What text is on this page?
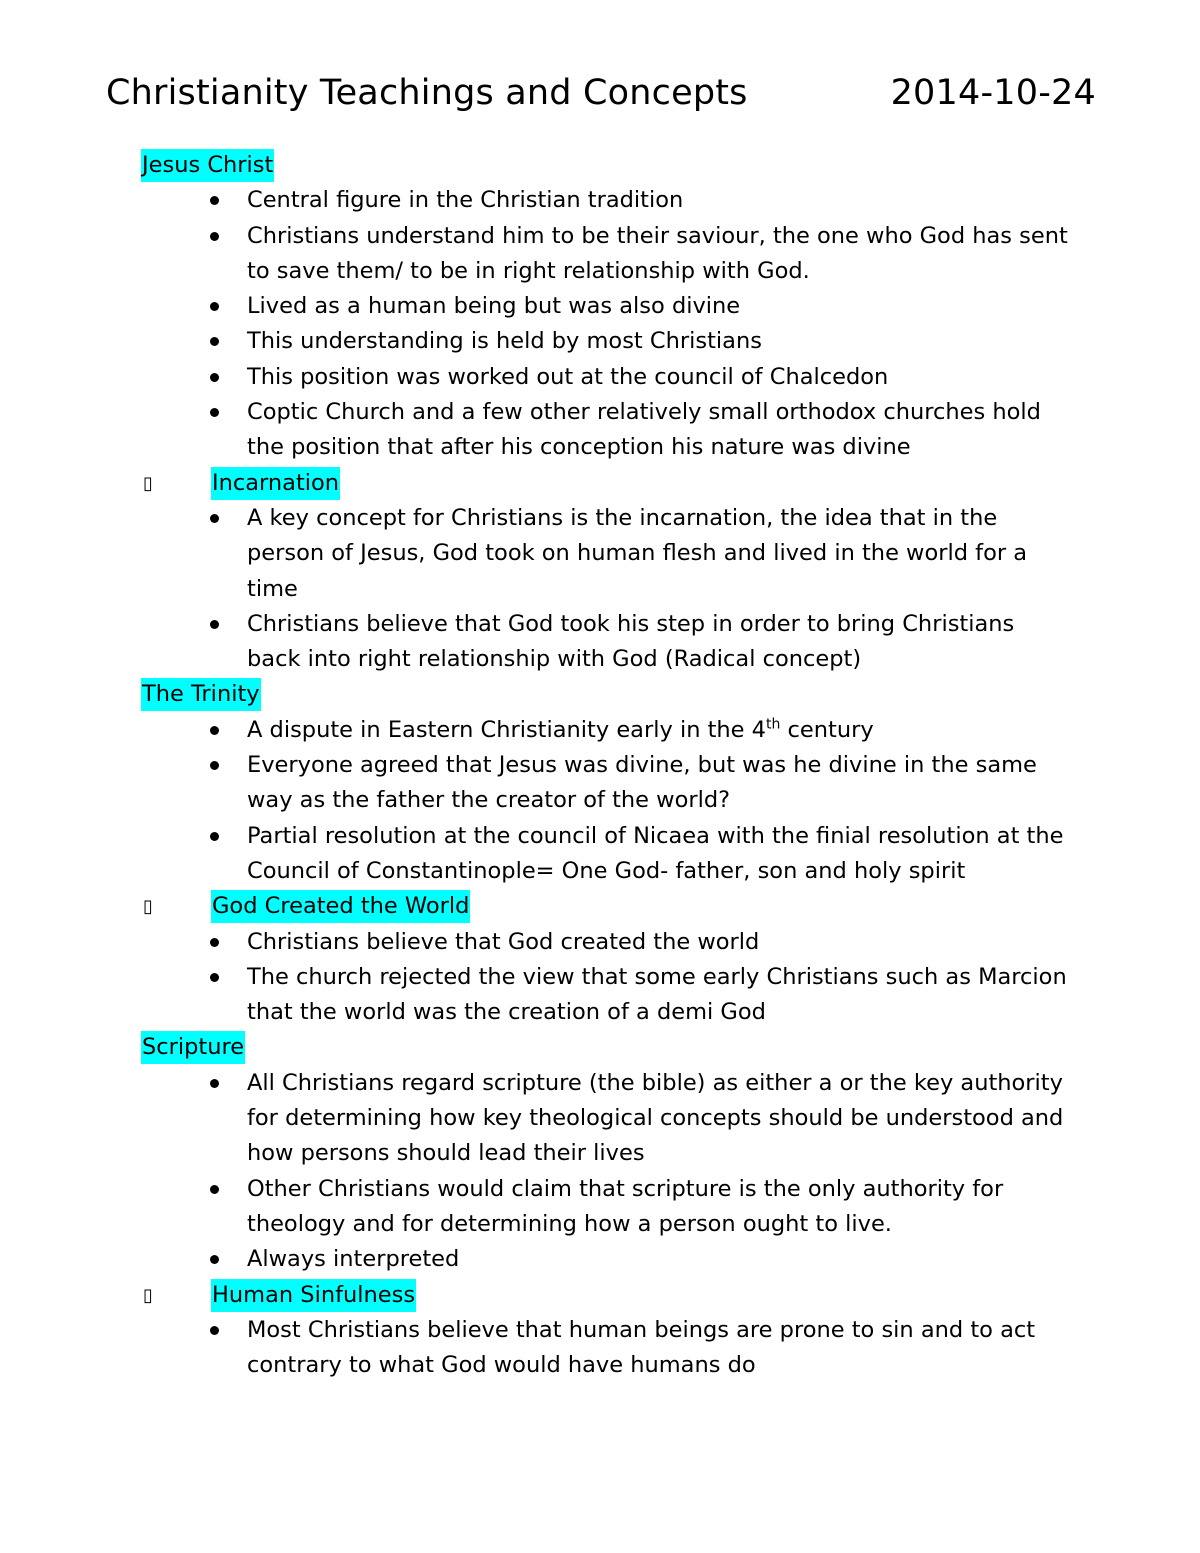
Christianity Teachings and Concepts	2014-10-24
Jesus Christ
Central figure in the Christian tradition
Christians understand him to be their saviour, the one who God has sent to save them/ to be in right relationship with God.
Lived as a human being but was also divine
This understanding is held by most Christians
This position was worked out at the council of Chalcedon
Coptic Church and a few other relatively small orthodox churches hold the position that after his conception his nature was divine
▯	Incarnation
A key concept for Christians is the incarnation, the idea that in the person of Jesus, God took on human flesh and lived in the world for a time
Christians believe that God took his step in order to bring Christians back into right relationship with God (Radical concept)
The Trinity
A dispute in Eastern Christianity early in the 4th century
Everyone agreed that Jesus was divine, but was he divine in the same way as the father the creator of the world?
Partial resolution at the council of Nicaea with the finial resolution at the Council of Constantinople= One God- father, son and holy spirit
▯	God Created the World
Christians believe that God created the world
The church rejected the view that some early Christians such as Marcion that the world was the creation of a demi God
Scripture
All Christians regard scripture (the bible) as either a or the key authority for determining how key theological concepts should be understood and how persons should lead their lives
Other Christians would claim that scripture is the only authority for theology and for determining how a person ought to live.
Always interpreted
▯	Human Sinfulness
Most Christians believe that human beings are prone to sin and to act contrary to what God would have humans do
